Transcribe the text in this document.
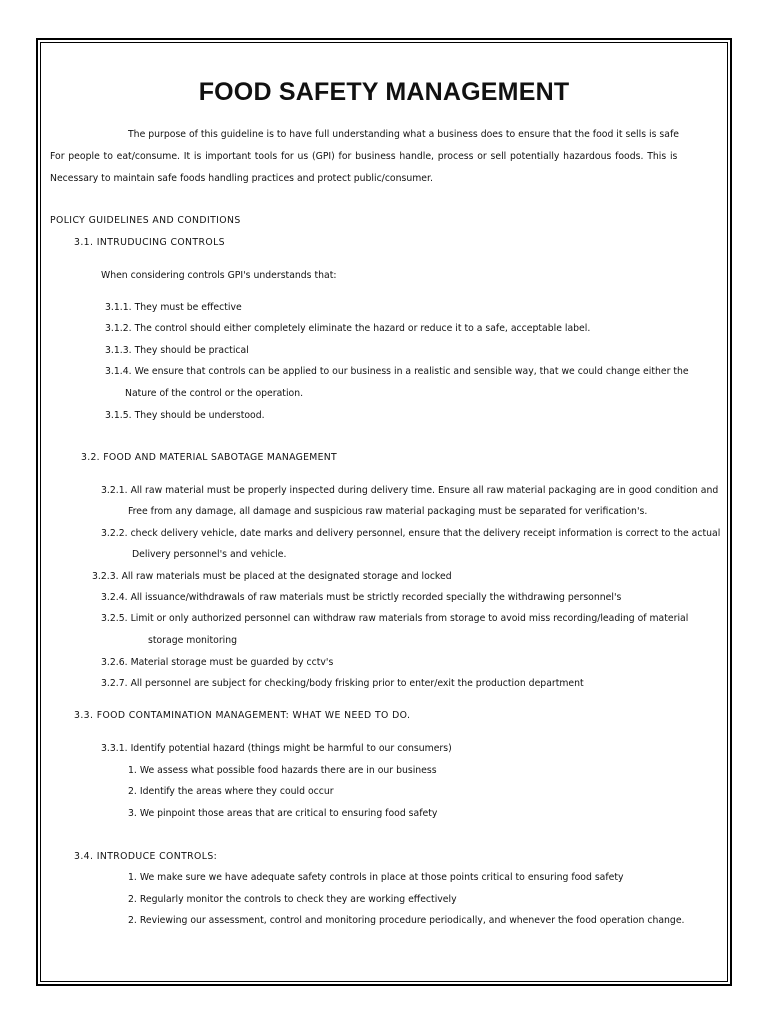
FOOD SAFETY MANAGEMENT
The purpose of this guideline is to have full understanding what a business does to ensure that the food it sells is safe
For people to eat/consume. It is important tools for us (GPI) for business handle, process or sell potentially hazardous foods. This is
Necessary to maintain safe foods handling practices and protect public/consumer.
POLICY GUIDELINES AND CONDITIONS
3.1. INTRUDUCING CONTROLS
When considering controls GPI's understands that:
3.1.1. They must be effective
3.1.2. The control should either completely eliminate the hazard or reduce it to a safe, acceptable label.
3.1.3. They should be practical
3.1.4. We ensure that controls can be applied to our business in a realistic and sensible way, that we could change either the
Nature of the control or the operation.
3.1.5. They should be understood.
3.2. FOOD AND MATERIAL SABOTAGE MANAGEMENT
3.2.1. All raw material must be properly inspected during delivery time. Ensure all raw material packaging are in good condition and
Free from any damage, all damage and suspicious raw material packaging must be separated for verification's.
3.2.2. check delivery vehicle, date marks and delivery personnel, ensure that the delivery receipt information is correct to the actual
Delivery personnel's and vehicle.
3.2.3. All raw materials must be placed at the designated storage and locked
3.2.4. All issuance/withdrawals of raw materials must be strictly recorded specially the withdrawing personnel's
3.2.5. Limit or only authorized personnel can withdraw raw materials from storage to avoid miss recording/leading of material
storage monitoring
3.2.6. Material storage must be guarded by cctv's
3.2.7. All personnel are subject for checking/body frisking prior to enter/exit the production department
3.3. FOOD CONTAMINATION MANAGEMENT: WHAT WE NEED TO DO.
3.3.1. Identify potential hazard (things might be harmful to our consumers)
1. We assess what possible food hazards there are in our business
2. Identify the areas where they could occur
3. We pinpoint those areas that are critical to ensuring food safety
3.4. INTRODUCE CONTROLS:
1. We make sure we have adequate safety controls in place at those points critical to ensuring food safety
2. Regularly monitor the controls to check they are working effectively
2. Reviewing our assessment, control and monitoring procedure periodically, and whenever the food operation change.
